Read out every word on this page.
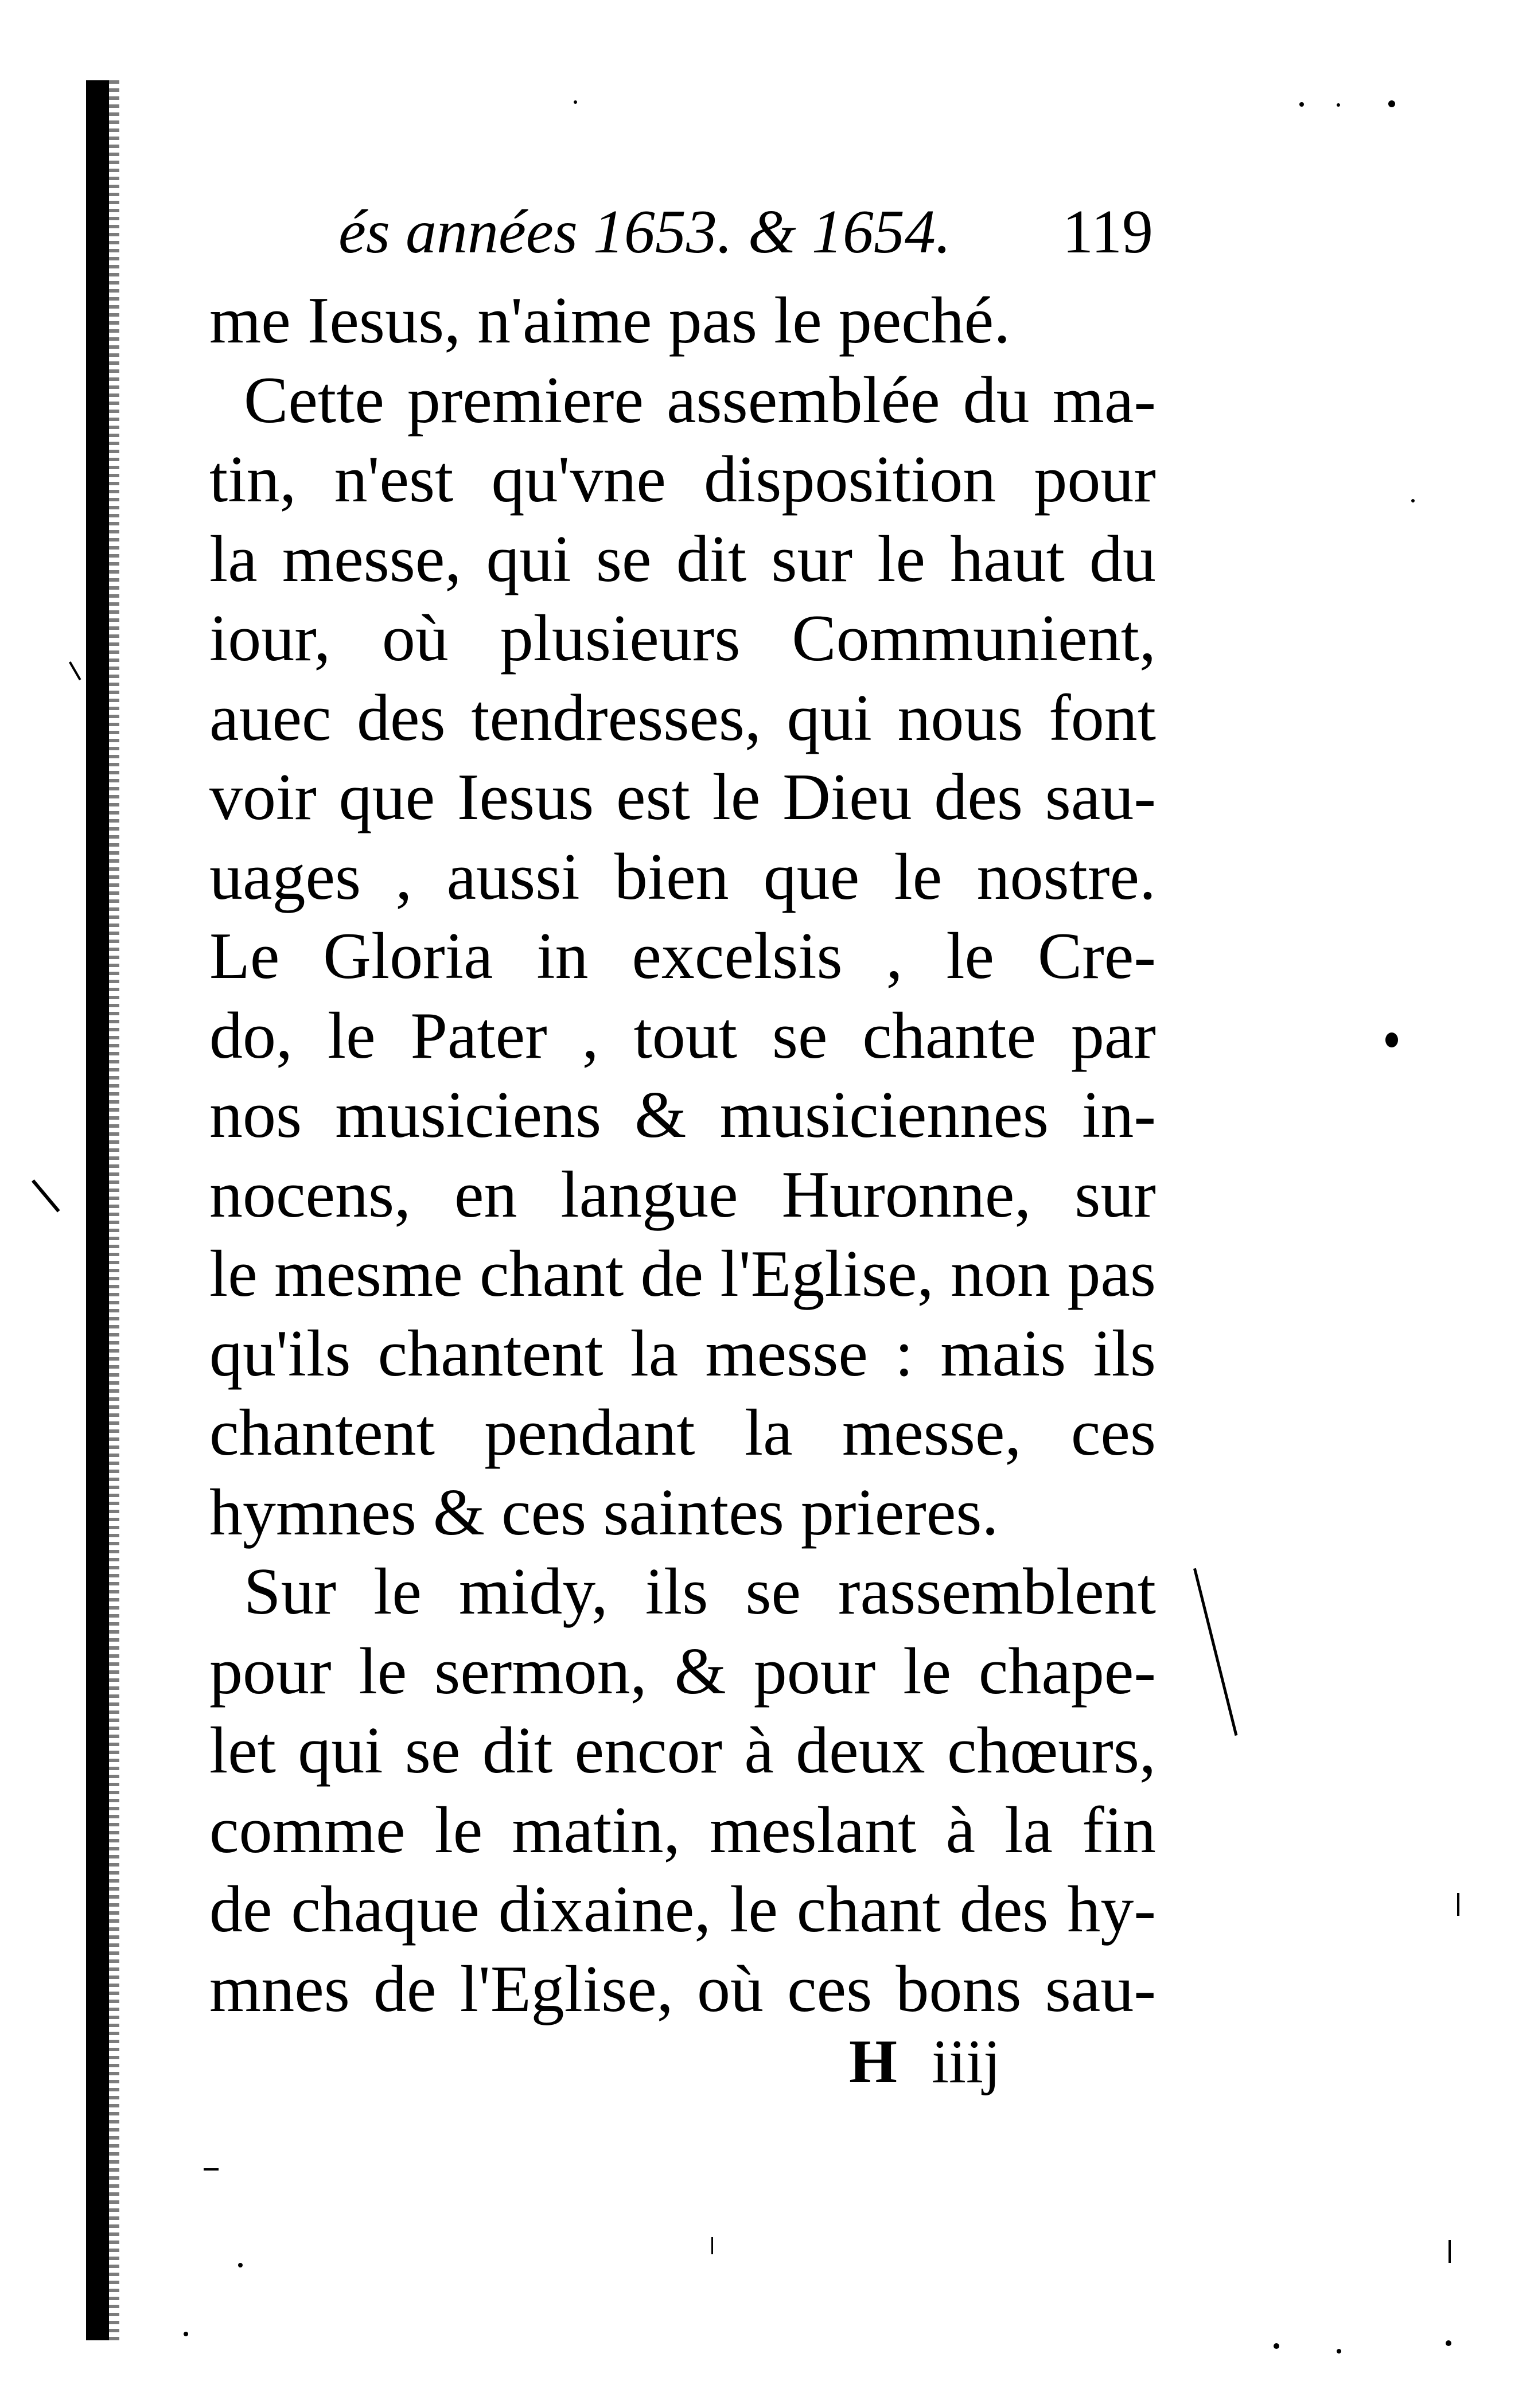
és années 1653. & 1654. 119
me Iesus, n'aime pas le peché.
Cette premiere assemblée du ma-
tin, n'est qu'vne disposition pour
la messe, qui se dit sur le haut du
iour, où plusieurs Communient,
auec des tendresses, qui nous font
voir que Iesus est le Dieu des sau-
uages , aussi bien que le nostre.
Le Gloria in excelsis , le Cre-
do, le Pater , tout se chante par
nos musiciens & musiciennes in-
nocens, en langue Huronne, sur
le mesme chant de l'Eglise, non pas
qu'ils chantent la messe : mais ils
chantent pendant la messe, ces
hymnes & ces saintes prieres.
Sur le midy, ils se rassemblent
pour le sermon, & pour le chape-
let qui se dit encor à deux chœurs,
comme le matin, meslant à la fin
de chaque dixaine, le chant des hy-
mnes de l'Eglise, où ces bons sau-
H iiij
